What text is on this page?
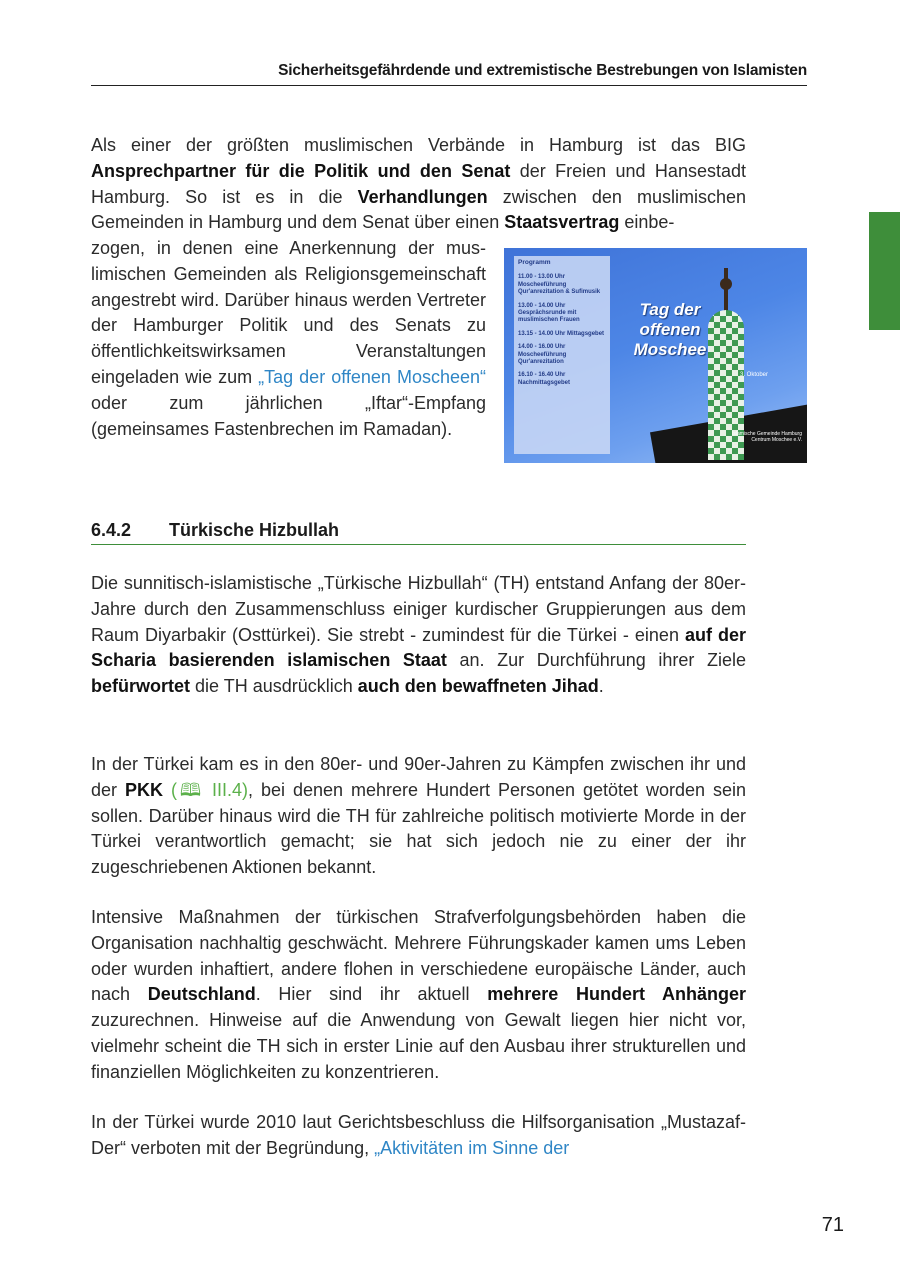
Sicherheitsgefährdende und extremistische Bestrebungen von Islamisten

Als einer der größten muslimischen Verbände in Hamburg ist das BIG Ansprechpartner für die Politik und den Senat der Freien und Hansestadt Hamburg. So ist es in die Verhandlungen zwischen den muslimischen Gemeinden in Hamburg und dem Senat über einen Staatsvertrag einbe-

zogen, in denen eine Anerkennung der muslimischen Gemeinden als Religionsgemeinschaft angestrebt wird. Darüber hinaus werden Vertreter der Hamburger Politik und des Senats zu öffentlichkeitswirksamen Veranstaltungen eingeladen wie zum „Tag der offenen Moscheen“ oder zum jährlichen „Iftar“-Empfang (gemeinsames Fastenbrechen im Ramadan).

Programm
11.00 - 13.00 Uhr Moscheeführung Qur'anrezitation & Sufimusik
13.00 - 14.00 Uhr Gesprächsrunde mit muslimischen Frauen
13.15 - 14.00 Uhr Mittagsgebet
14.00 - 16.00 Uhr Moscheeführung Qur'anrezitation
16.10 - 16.40 Uhr Nachmittagsgebet
Tag der offenen Moschee
3. Oktober
Islamische Gemeinde Hamburg Centrum Moschee e.V.
6.4.2 Türkische Hizbullah

Die sunnitisch-islamistische „Türkische Hizbullah“ (TH) entstand Anfang der 80er-Jahre durch den Zusammenschluss einiger kurdischer Gruppierungen aus dem Raum Diyarbakir (Osttürkei). Sie strebt - zumindest für die Türkei - einen auf der Scharia basierenden islamischen Staat an. Zur Durchführung ihrer Ziele befürwortet die TH ausdrücklich auch den bewaffneten Jihad.

In der Türkei kam es in den 80er- und 90er-Jahren zu Kämpfen zwischen ihr und der PKK (🕮 III.4), bei denen mehrere Hundert Personen getötet worden sein sollen. Darüber hinaus wird die TH für zahlreiche politisch motivierte Morde in der Türkei verantwortlich gemacht; sie hat sich jedoch nie zu einer der ihr zugeschriebenen Aktionen bekannt.

Intensive Maßnahmen der türkischen Strafverfolgungsbehörden haben die Organisation nachhaltig geschwächt. Mehrere Führungskader kamen ums Leben oder wurden inhaftiert, andere flohen in verschiedene europäische Länder, auch nach Deutschland. Hier sind ihr aktuell mehrere Hundert Anhänger zuzurechnen. Hinweise auf die Anwendung von Gewalt liegen hier nicht vor, vielmehr scheint die TH sich in erster Linie auf den Ausbau ihrer strukturellen und finanziellen Möglichkeiten zu konzentrieren.

In der Türkei wurde 2010 laut Gerichtsbeschluss die Hilfsorganisation „Mustazaf-Der“ verboten mit der Begründung, „Aktivitäten im Sinne der

71
